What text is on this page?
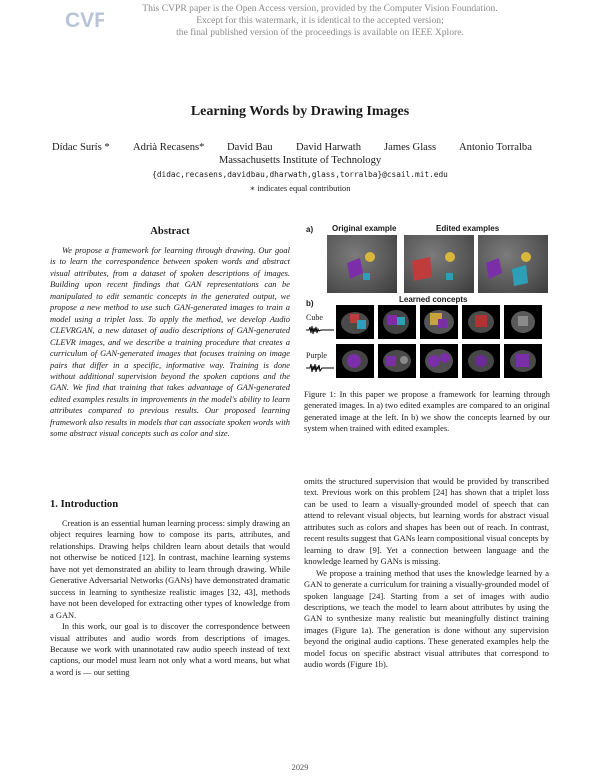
CVF
This CVPR paper is the Open Access version, provided by the Computer Vision Foundation.
Except for this watermark, it is identical to the accepted version;
the final published version of the proceedings is available on IEEE Xplore.
Learning Words by Drawing Images
Dídac Surís * Adrià Recasens* David Bau David Harwath James Glass Antonio Torralba
Massachusetts Institute of Technology
{didac,recasens,davidbau,dharwath,glass,torralba}@csail.mit.edu
∗ indicates equal contribution
Abstract

We propose a framework for learning through drawing. Our goal is to learn the correspondence between spoken words and abstract visual attributes, from a dataset of spoken descriptions of images. Building upon recent findings that GAN representations can be manipulated to edit semantic concepts in the generated output, we propose a new method to use such GAN-generated images to train a model using a triplet loss. To apply the method, we develop Audio CLEVRGAN, a new dataset of audio descriptions of GAN-generated CLEVR images, and we describe a training procedure that creates a curriculum of GAN-generated images that focuses training on image pairs that differ in a specific, informative way. Training is done without additional supervision beyond the spoken captions and the GAN. We find that training that takes advantage of GAN-generated edited examples results in improvements in the model's ability to learn attributes compared to previous results. Our proposed learning framework also results in models that can associate spoken words with some abstract visual concepts such as color and size.

1. Introduction

Creation is an essential human learning process: simply drawing an object requires learning how to compose its parts, attributes, and relationships. Drawing helps children learn about details that would not otherwise be noticed [12]. In contrast, machine learning systems have not yet demonstrated an ability to learn through drawing. While Generative Adversarial Networks (GANs) have demonstrated dramatic success in learning to synthesize realistic images [32, 43], methods have not been developed for extracting other types of knowledge from a GAN.

In this work, our goal is to discover the correspondence between visual attributes and audio words from descriptions of images. Because we work with unannotated raw audio speech instead of text captions, our model must learn not only what a word means, but what a word is — our setting

a) Original example	Edited examples
b)	Learned concepts
Cube
Purple
Figure 1: In this paper we propose a framework for learning through generated images. In a) two edited examples are compared to an original generated image at the left. In b) we show the concepts learned by our system when trained with edited examples.

omits the structured supervision that would be provided by transcribed text. Previous work on this problem [24] has shown that a triplet loss can be used to learn a visually-grounded model of speech that can attend to relevant visual objects, but learning words for abstract visual attributes such as colors and shapes has been out of reach. In contrast, recent results suggest that GANs learn compositional visual concepts by learning to draw [9]. Yet a connection between language and the knowledge learned by GANs is missing.

We propose a training method that uses the knowledge learned by a GAN to generate a curriculum for training a visually-grounded model of spoken language [24]. Starting from a set of images with audio descriptions, we teach the model to learn about attributes by using the GAN to synthesize many realistic but meaningfully distinct training images (Figure 1a). The generation is done without any supervision beyond the original audio captions. These generated examples help the model focus on specific abstract visual attributes that correspond to audio words (Figure 1b).

2029
